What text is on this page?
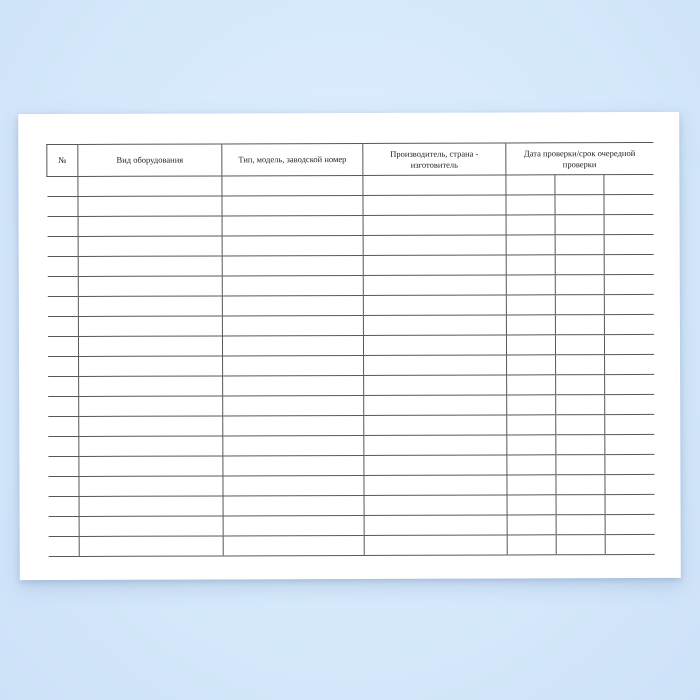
№	Вид оборудования	Тип, модель, заводской номер	Производитель, страна - изготовитель	Дата проверки/срок очередной проверки		
